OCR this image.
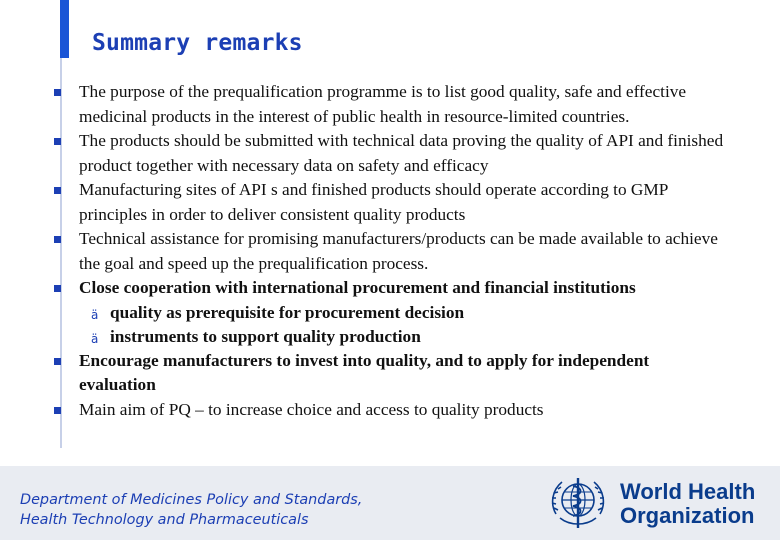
Summary remarks
The purpose of the prequalification programme is to list good quality, safe and effective medicinal products in the interest of public health in resource-limited countries.
The products should be submitted with technical data proving the quality of API and finished product together with necessary data on safety and efficacy
Manufacturing sites of API s and finished products should operate according to GMP principles in order to deliver consistent quality products
Technical assistance for promising manufacturers/products can be made available to achieve the goal and speed up the prequalification process.
Close cooperation with international procurement and financial institutions
ä quality as prerequisite for procurement decision
ä instruments to support quality production
Encourage manufacturers to invest into quality, and to apply for independent evaluation
Main aim of PQ – to increase choice and access to quality products
Department of Medicines Policy and Standards,
Health Technology and Pharmaceuticals
World Health
Organization
